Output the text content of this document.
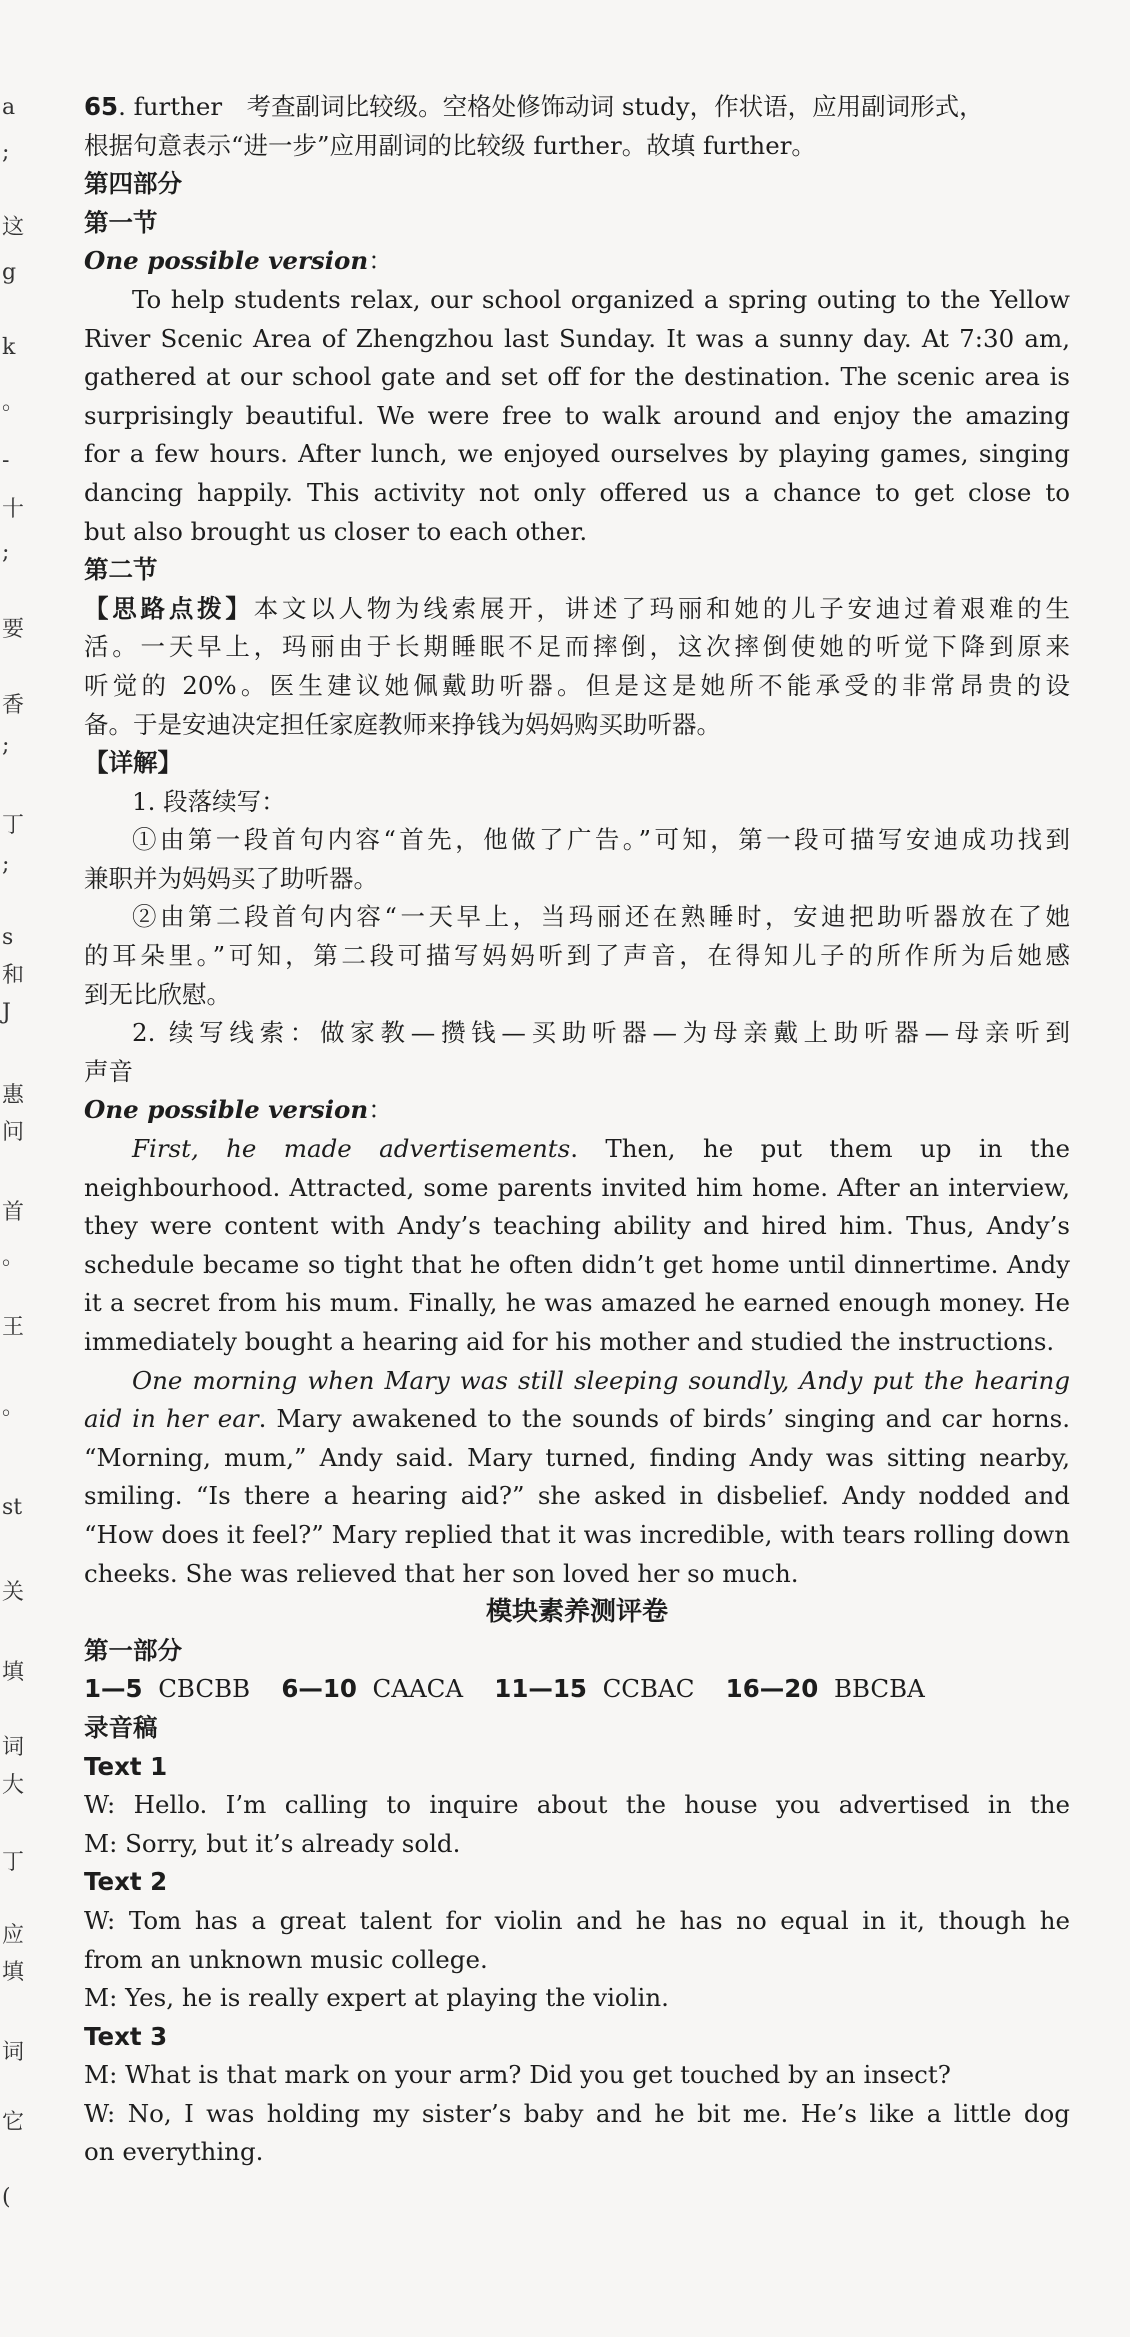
a
;
这
g
k
。
-
十
;
要
香
;
丁
;
s
和
J
惠
问
首
。
王
。
st
关
填
词
大
丁
应
填
词
它
(
65. further　考查副词比较级。空格处修饰动词 study，作状语，应用副词形式，
根据句意表示“进一步”应用副词的比较级 further。故填 further。
第四部分
第一节
One possible version：
To help students relax, our school organized a spring outing to the Yellow
River Scenic Area of Zhengzhou last Sunday. It was a sunny day. At 7:30 am,
gathered at our school gate and set off for the destination. The scenic area is
surprisingly beautiful. We were free to walk around and enjoy the amazing
for a few hours. After lunch, we enjoyed ourselves by playing games, singing
dancing happily. This activity not only offered us a chance to get close to
but also brought us closer to each other.
第二节
【思路点拨】本文以人物为线索展开，讲述了玛丽和她的儿子安迪过着艰难的生
活。一天早上，玛丽由于长期睡眠不足而摔倒，这次摔倒使她的听觉下降到原来
听觉的 20%。医生建议她佩戴助听器。但是这是她所不能承受的非常昂贵的设
备。于是安迪决定担任家庭教师来挣钱为妈妈购买助听器。
【详解】
1. 段落续写：
①由第一段首句内容“首先，他做了广告。”可知，第一段可描写安迪成功找到
兼职并为妈妈买了助听器。
②由第二段首句内容“一天早上，当玛丽还在熟睡时，安迪把助听器放在了她
的耳朵里。”可知，第二段可描写妈妈听到了声音，在得知儿子的所作所为后她感
到无比欣慰。
2. 续写线索：做家教—攒钱—买助听器—为母亲戴上助听器—母亲听到
声音
One possible version：
First, he made advertisements. Then, he put them up in the
neighbourhood. Attracted, some parents invited him home. After an interview,
they were content with Andy’s teaching ability and hired him. Thus, Andy’s
schedule became so tight that he often didn’t get home until dinnertime. Andy
it a secret from his mum. Finally, he was amazed he earned enough money. He
immediately bought a hearing aid for his mother and studied the instructions.
One morning when Mary was still sleeping soundly, Andy put the hearing
aid in her ear. Mary awakened to the sounds of birds’ singing and car horns.
“Morning, mum,” Andy said. Mary turned, finding Andy was sitting nearby,
smiling. “Is there a hearing aid?” she asked in disbelief. Andy nodded and
“How does it feel?” Mary replied that it was incredible, with tears rolling down
cheeks. She was relieved that her son loved her so much.
模块素养测评卷
第一部分
1—5 CBCBB 6—10 CAACA 11—15 CCBAC 16—20 BBCBA
录音稿
Text 1
W: Hello. I’m calling to inquire about the house you advertised in the
M: Sorry, but it’s already sold.
Text 2
W: Tom has a great talent for violin and he has no equal in it, though he
from an unknown music college.
M: Yes, he is really expert at playing the violin.
Text 3
M: What is that mark on your arm? Did you get touched by an insect?
W: No, I was holding my sister’s baby and he bit me. He’s like a little dog
on everything.
